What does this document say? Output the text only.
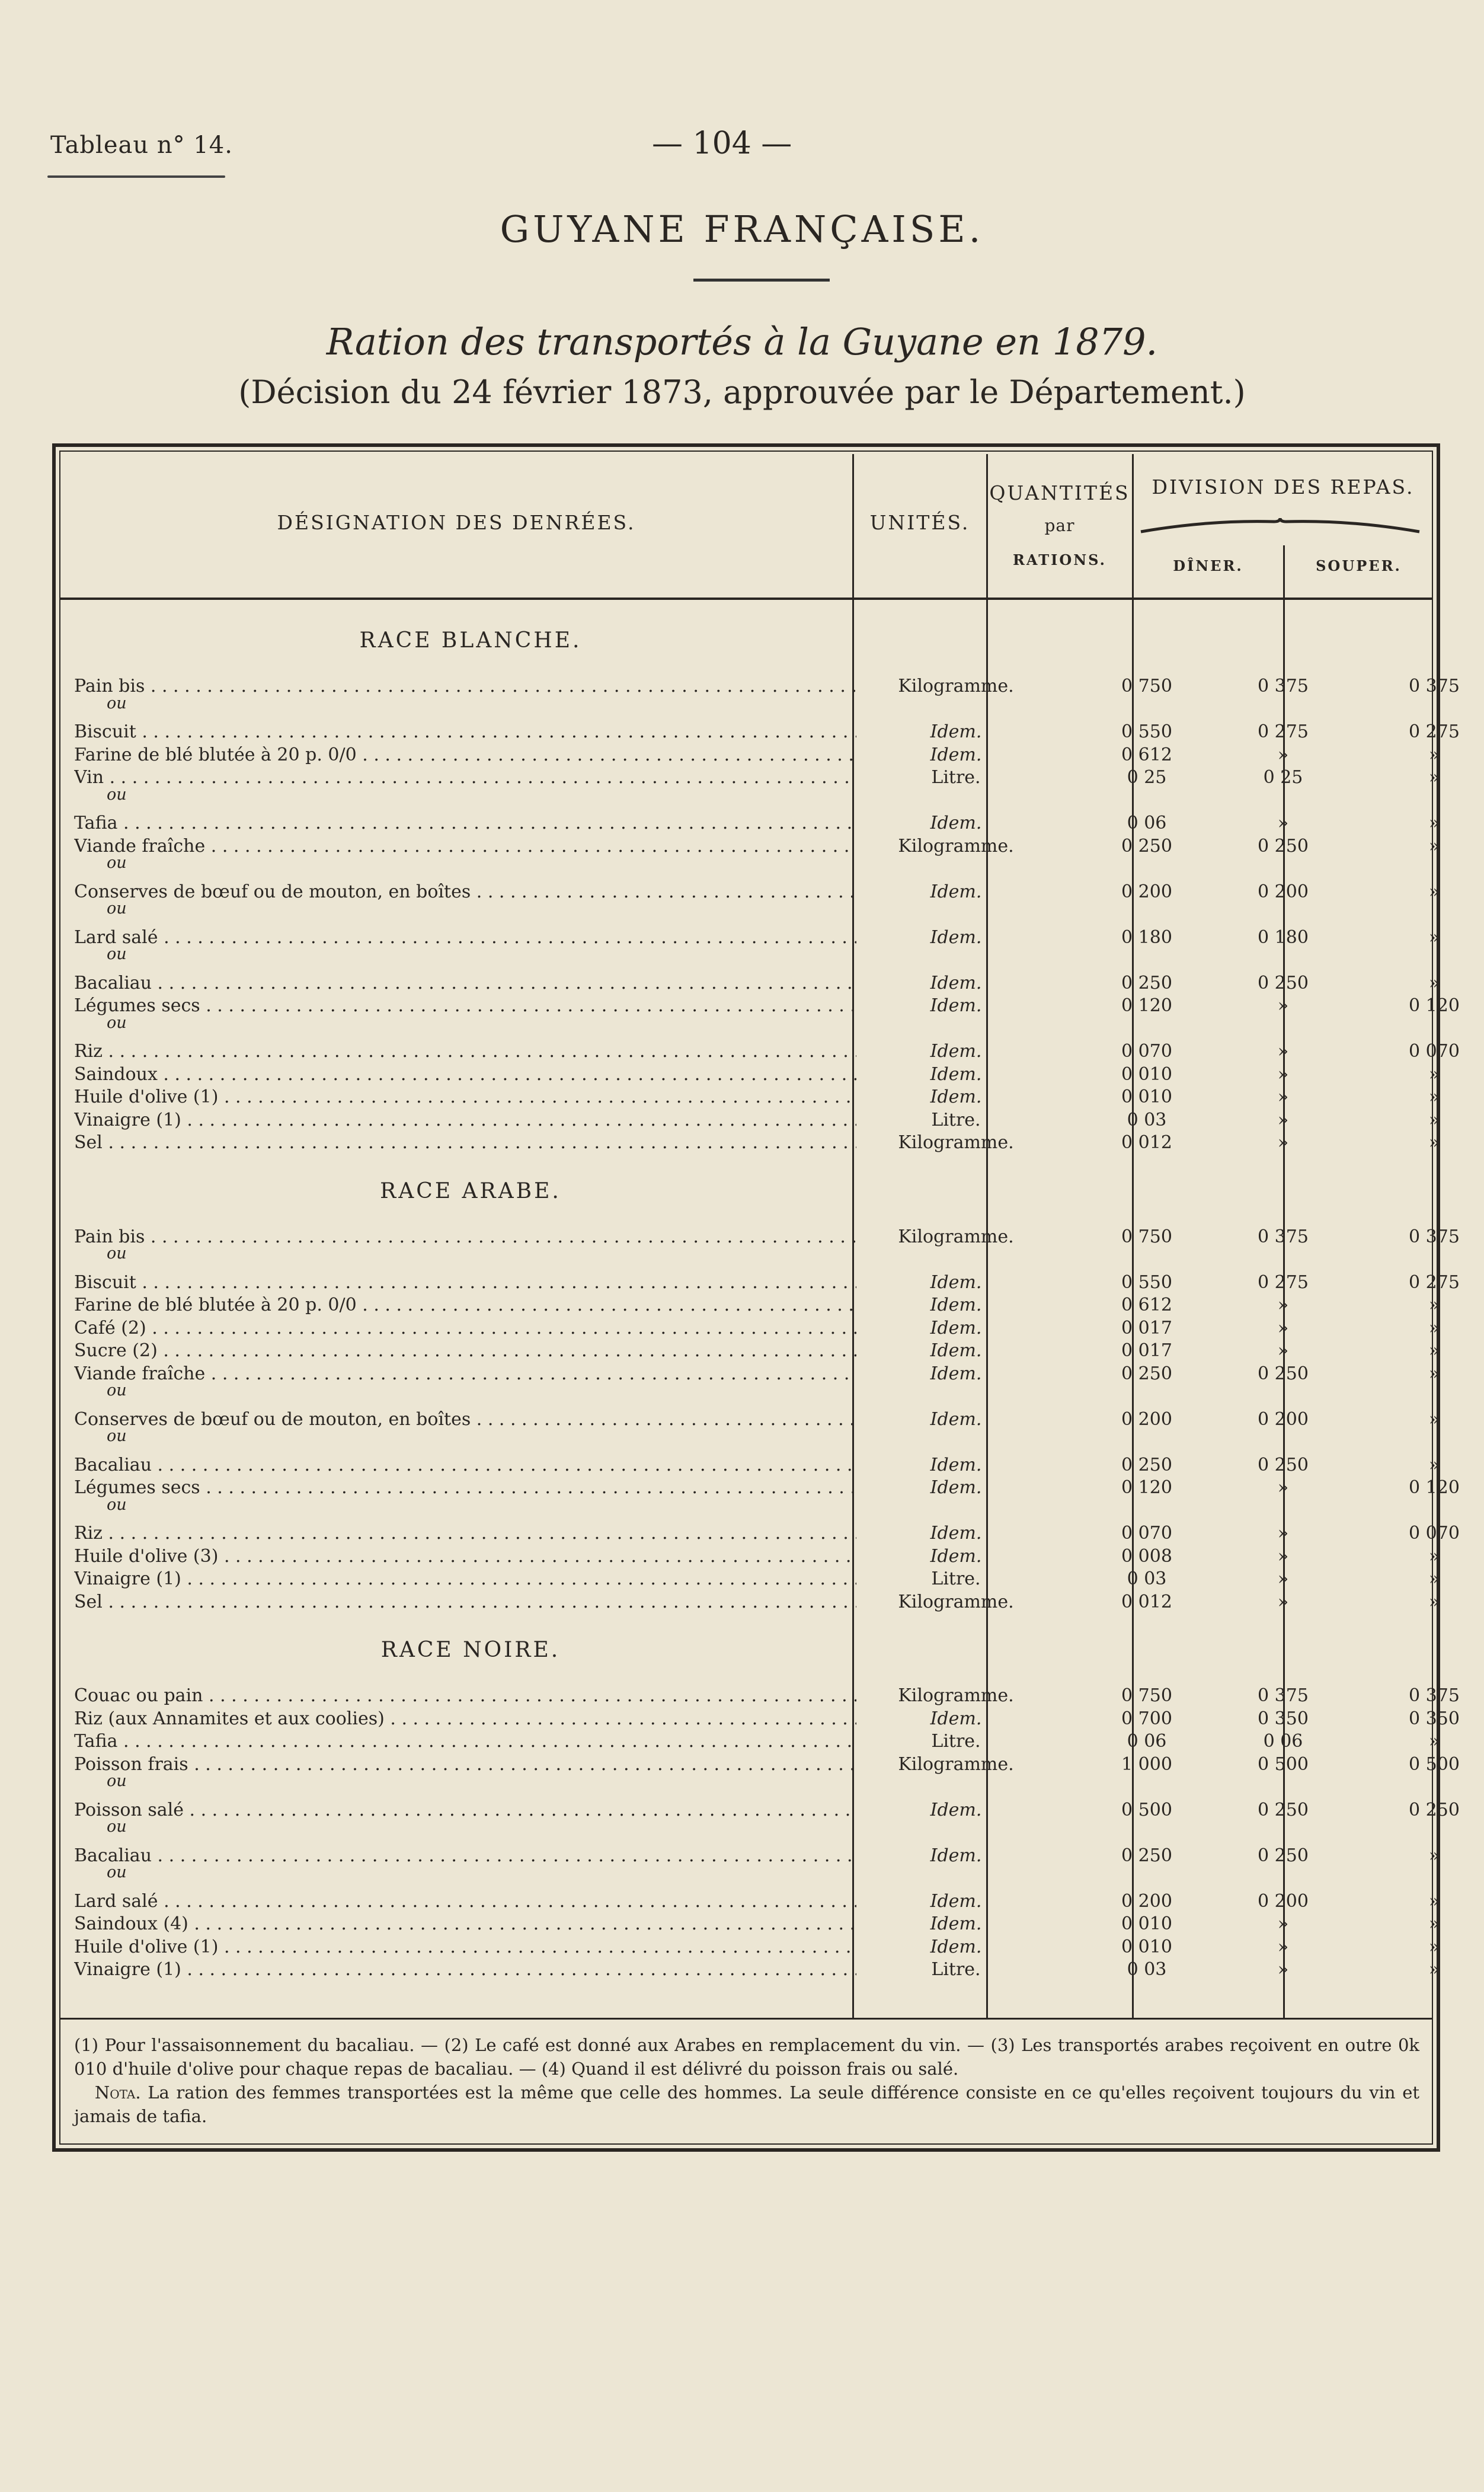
Tableau n° 14.	— 104 —
GUYANE FRANÇAISE.
Ration des transportés à la Guyane en 1879.
(Décision du 24 février 1873, approuvée par le Département.)
DÉSIGNATION DES DENRÉES.	UNITÉS.
QUANTITÉS
par
RATIONS.
DIVISION DES REPAS.
DÎNER.	SOUPER.
RACE BLANCHE.
Pain bis . . .	Kilogramme.	0 750	0 375	0 375
ou
Biscuit . . .	Idem.	0 550	0 275	0 275
Farine de blé blutée à 20 p. 0/0 . . .	Idem.	0 612	»	»
Vin . . .	Litre.	0 25	0 25	»
ou
Tafia . . .	Idem.	0 06	»	»
Viande fraîche . . .	Kilogramme.	0 250	0 250	»
ou
Conserves de bœuf ou de mouton, en boîtes . . .	Idem.	0 200	0 200	»
ou
Lard salé . . .	Idem.	0 180	0 180	»
ou
Bacaliau . . .	Idem.	0 250	0 250	»
Légumes secs . . .	Idem.	0 120	»	0 120
ou
Riz . . .	Idem.	0 070	»	0 070
Saindoux . . .	Idem.	0 010	»	»
Huile d'olive (1) . . .	Idem.	0 010	»	»
Vinaigre (1) . . .	Litre.	0 03	»	»
Sel . . .	Kilogramme.	0 012	»	»
RACE ARABE.
Pain bis . . .	Kilogramme.	0 750	0 375	0 375
ou
Biscuit . . .	Idem.	0 550	0 275	0 275
Farine de blé blutée à 20 p. 0/0 . . .	Idem.	0 612	»	»
Café (2) . . .	Idem.	0 017	»	»
Sucre (2) . . .	Idem.	0 017	»	»
Viande fraîche . . .	Idem.	0 250	0 250	»
ou
Conserves de bœuf ou de mouton, en boîtes . . .	Idem.	0 200	0 200	»
ou
Bacaliau . . .	Idem.	0 250	0 250	»
Légumes secs . . .	Idem.	0 120	»	0 120
ou
Riz . . .	Idem.	0 070	»	0 070
Huile d'olive (3) . . .	Idem.	0 008	»	»
Vinaigre (1) . . .	Litre.	0 03	»	»
Sel . . .	Kilogramme.	0 012	»	»
RACE NOIRE.
Couac ou pain . . .	Kilogramme.	0 750	0 375	0 375
Riz (aux Annamites et aux coolies) . . .	Idem.	0 700	0 350	0 350
Tafia . . .	Litre.	0 06	0 06	»
Poisson frais . . .	Kilogramme.	1 000	0 500	0 500
ou
Poisson salé . . .	Idem.	0 500	0 250	0 250
ou
Bacaliau . . .	Idem.	0 250	0 250	»
ou
Lard salé . . .	Idem.	0 200	0 200	»
Saindoux (4) . . .	Idem.	0 010	»	»
Huile d'olive (1) . . .	Idem.	0 010	»	»
Vinaigre (1) . . .	Litre.	0 03	»	»
(1) Pour l'assaisonnement du bacaliau. — (2) Le café est donné aux Arabes en remplacement du vin. — (3) Les transportés arabes reçoivent en outre 0k 010 d'huile d'olive pour chaque repas de bacaliau. — (4) Quand il est délivré du poisson frais ou salé.
Nota. La ration des femmes transportées est la même que celle des hommes. La seule différence consiste en ce qu'elles reçoivent toujours du vin et jamais de tafia.
